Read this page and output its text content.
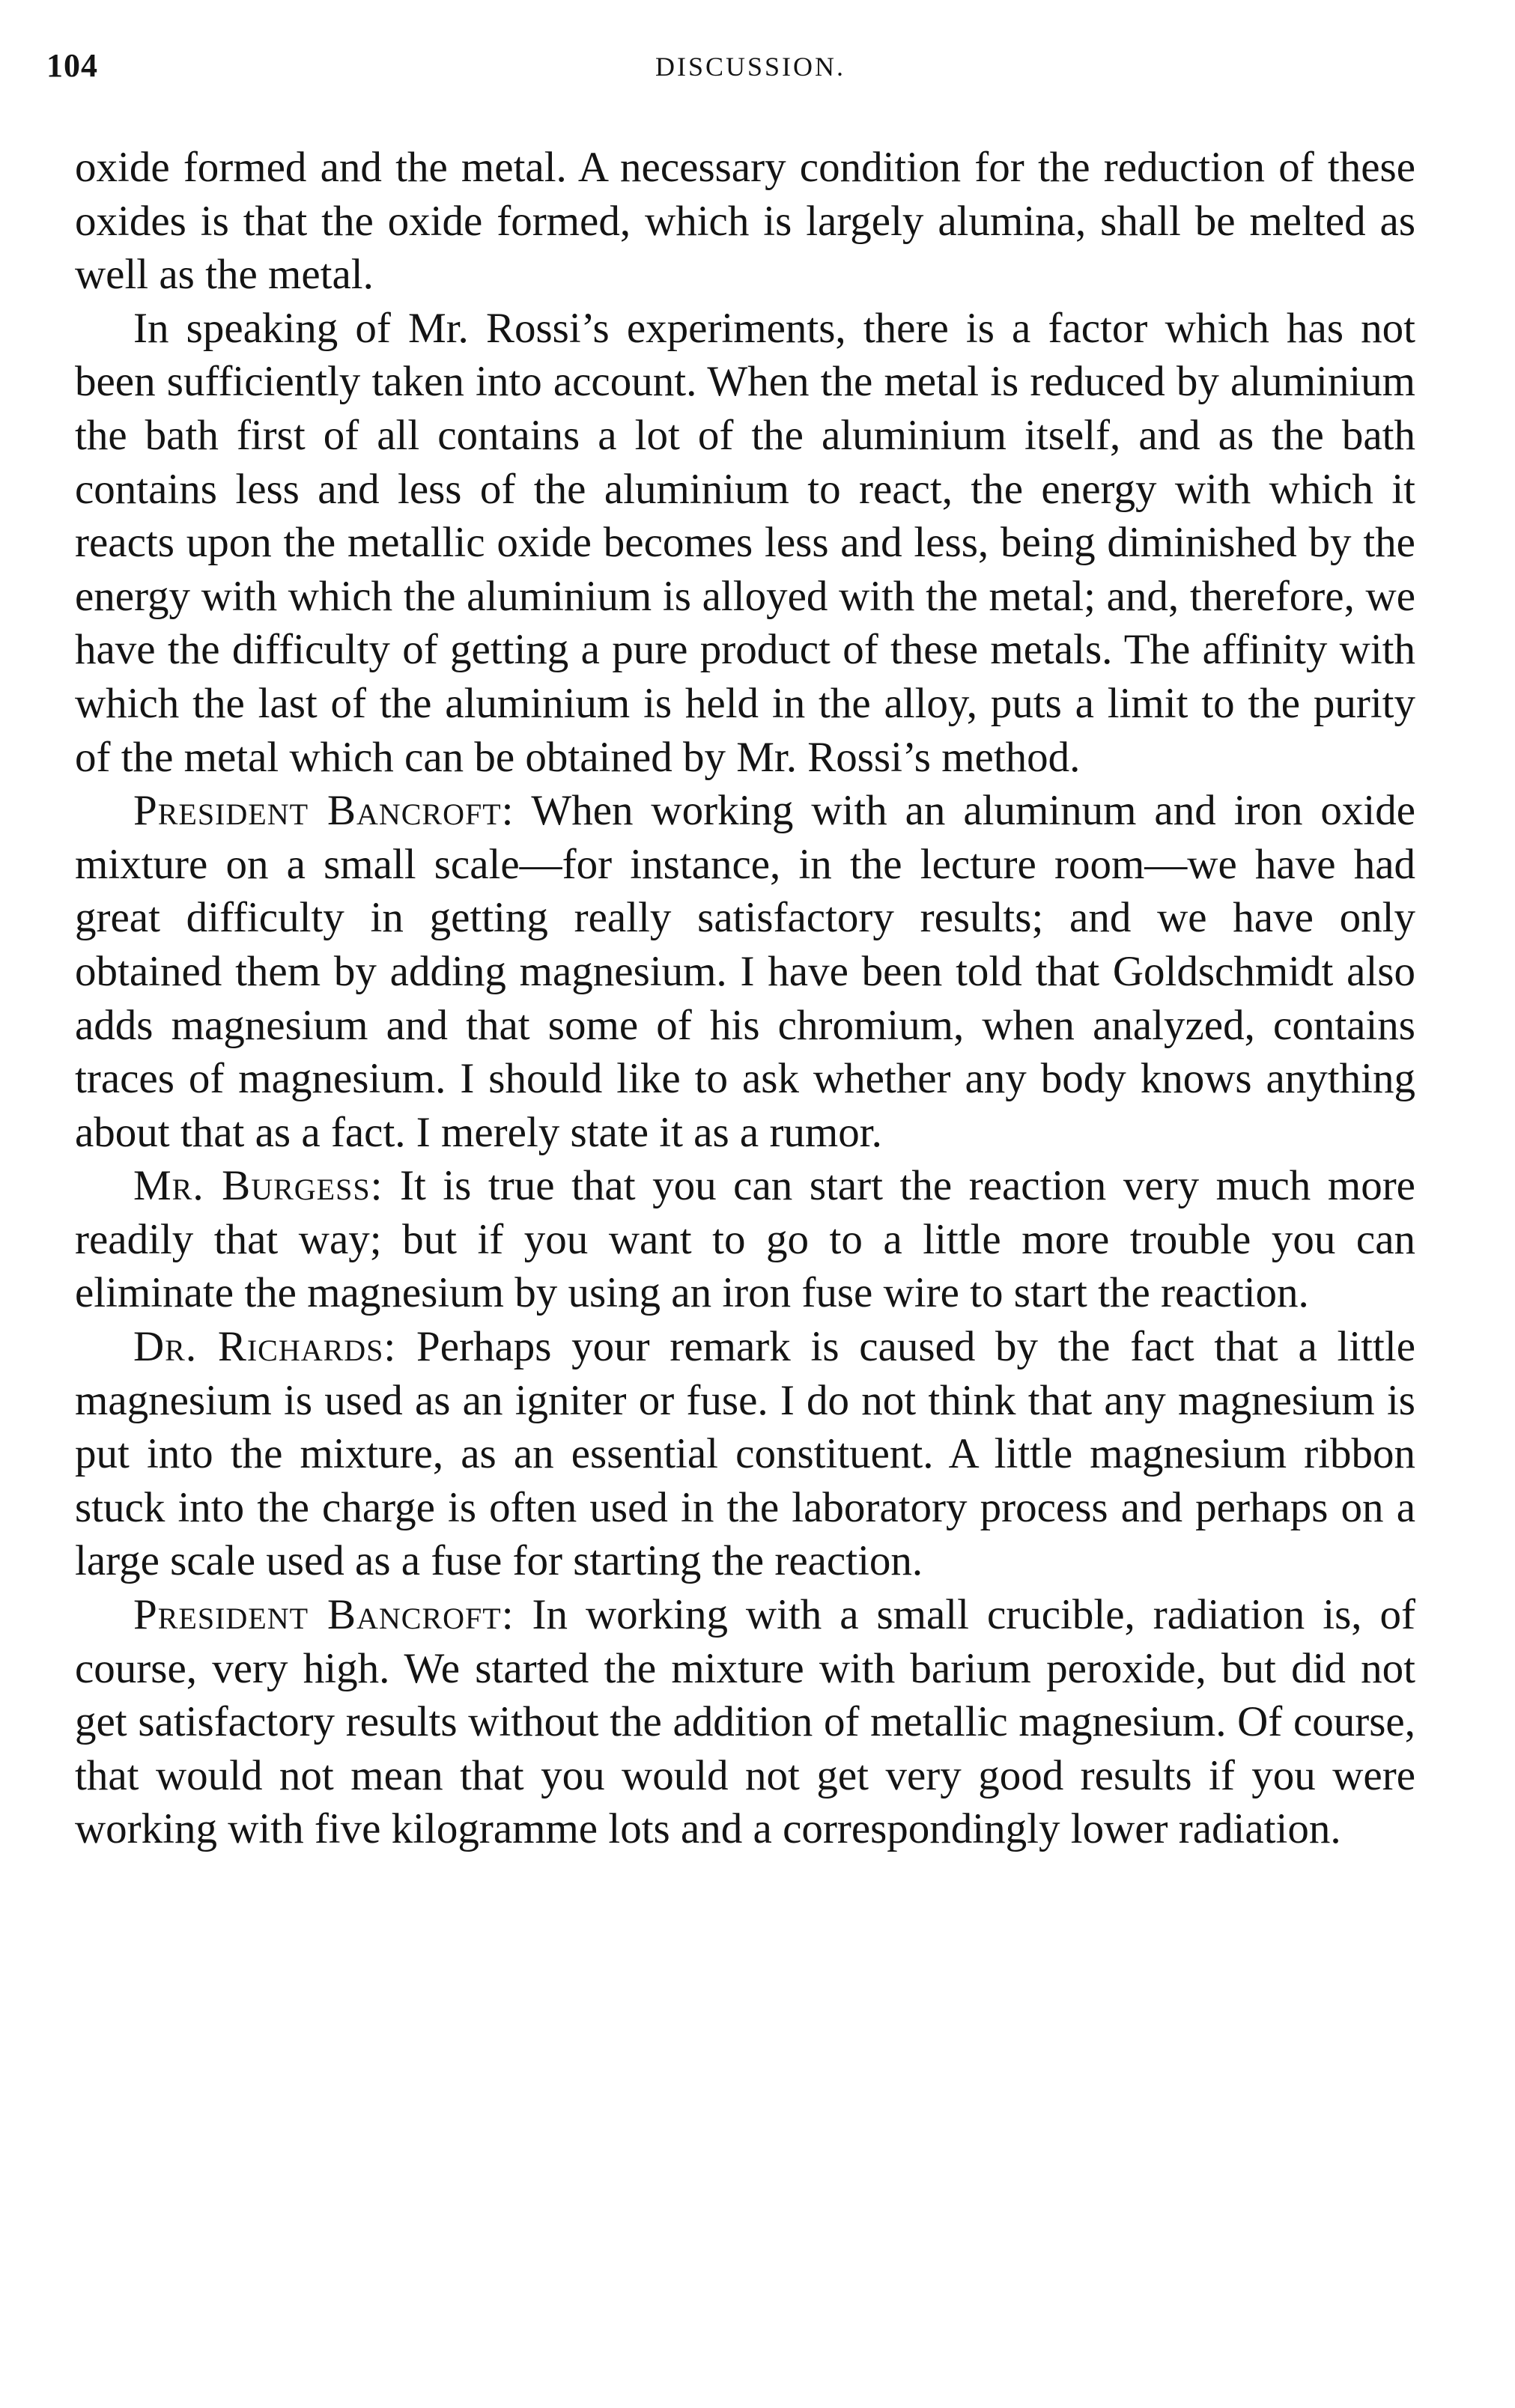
104	DISCUSSION.

oxide formed and the metal. A necessary condition for the reduction of these oxides is that the oxide formed, which is largely alumina, shall be melted as well as the metal.

In speaking of Mr. Rossi’s experiments, there is a factor which has not been sufficiently taken into account. When the metal is reduced by aluminium the bath first of all contains a lot of the aluminium itself, and as the bath contains less and less of the aluminium to react, the energy with which it reacts upon the metallic oxide becomes less and less, being diminished by the energy with which the aluminium is alloyed with the metal; and, therefore, we have the difficulty of getting a pure product of these metals. The affinity with which the last of the aluminium is held in the alloy, puts a limit to the purity of the metal which can be obtained by Mr. Rossi’s method.

President Bancroft: When working with an aluminum and iron oxide mixture on a small scale—for instance, in the lecture room—we have had great difficulty in getting really satisfactory results; and we have only obtained them by adding magnesium. I have been told that Goldschmidt also adds magnesium and that some of his chromium, when analyzed, contains traces of magnesium. I should like to ask whether any body knows anything about that as a fact. I merely state it as a rumor.

Mr. Burgess: It is true that you can start the reaction very much more readily that way; but if you want to go to a little more trouble you can eliminate the magnesium by using an iron fuse wire to start the reaction.

Dr. Richards: Perhaps your remark is caused by the fact that a little magnesium is used as an igniter or fuse. I do not think that any magnesium is put into the mixture, as an essential constituent. A little magnesium ribbon stuck into the charge is often used in the laboratory process and perhaps on a large scale used as a fuse for starting the reaction.

President Bancroft: In working with a small crucible, radiation is, of course, very high. We started the mixture with barium peroxide, but did not get satisfactory results without the addition of metallic magnesium. Of course, that would not mean that you would not get very good results if you were working with five kilogramme lots and a correspondingly lower radiation.
